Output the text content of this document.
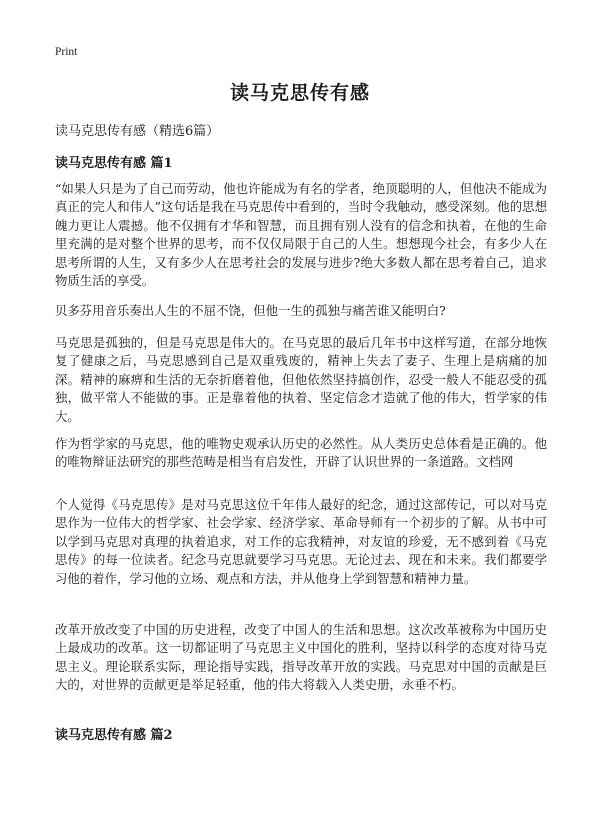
Print
读马克思传有感
读马克思传有感（精选6篇）
读马克思传有感 篇1

“如果人只是为了自己而劳动，他也许能成为有名的学者，绝顶聪明的人，但他决不能成为真正的完人和伟人”这句话是我在马克思传中看到的，当时令我触动，感受深刻。他的思想魄力更让人震撼。他不仅拥有才华和智慧，而且拥有别人没有的信念和执着，在他的生命里充满的是对整个世界的思考，而不仅仅局限于自己的人生。想想现今社会，有多少人在思考所谓的人生，又有多少人在思考社会的发展与进步?绝大多数人都在思考着自己，追求物质生活的享受。

贝多芬用音乐奏出人生的不屈不饶，但他一生的孤独与痛苦谁又能明白?

马克思是孤独的，但是马克思是伟大的。在马克思的最后几年书中这样写道，在部分地恢复了健康之后，马克思感到自己是双重残废的，精神上失去了妻子、生理上是病痛的加深。精神的麻痹和生活的无奈折磨着他，但他依然坚持搞创作，忍受一般人不能忍受的孤独，做平常人不能做的事。正是靠着他的执着、坚定信念才造就了他的伟大，哲学家的伟大。

作为哲学家的马克思，他的唯物史观承认历史的必然性。从人类历史总体看是正确的。他的唯物辩证法研究的那些范畴是相当有启发性，开辟了认识世界的一条道路。文档网

个人觉得《马克思传》是对马克思这位千年伟人最好的纪念，通过这部传记，可以对马克思作为一位伟大的哲学家、社会学家、经济学家、革命导师有一个初步的了解。从书中可以学到马克思对真理的执着追求，对工作的忘我精神，对友谊的珍爱，无不感到着《马克思传》的每一位读者。纪念马克思就要学习马克思。无论过去、现在和未来。我们都要学习他的着作，学习他的立场、观点和方法，并从他身上学到智慧和精神力量。

改革开放改变了中国的历史进程，改变了中国人的生活和思想。这次改革被称为中国历史上最成功的改革。这一切都证明了马克思主义中国化的胜利，坚持以科学的态度对待马克思主义。理论联系实际，理论指导实践，指导改革开放的实践。马克思对中国的贡献是巨大的，对世界的贡献更是举足轻重，他的伟大将载入人类史册，永垂不朽。

读马克思传有感 篇2
